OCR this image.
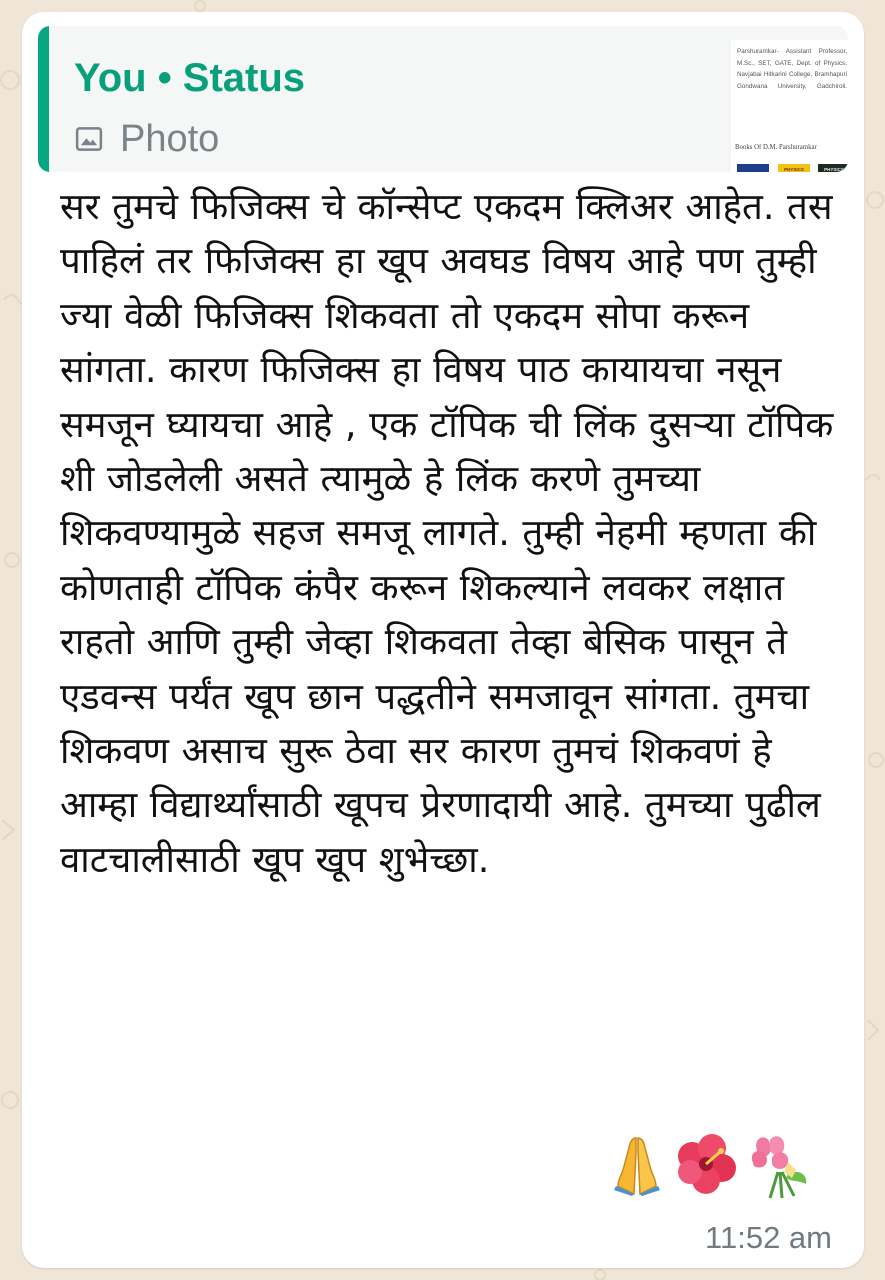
You • Status
Photo
Parshuramkar- Assistant Professor, M.Sc., SET, GATE, Dept. of Physics, Navjabai Hitkarini College, Bramhapuri Gondwana University, Gadchiroli.
Books Of D.M. Parshuramkar
PHYSICS	PHYSICS

सर तुमचे फिजिक्स चे कॉन्सेप्ट एकदम क्लिअर आहेत. तस पाहिलं तर फिजिक्स हा खूप अवघड विषय आहे पण तुम्ही ज्या वेळी फिजिक्स शिकवता तो एकदम सोपा करून सांगता. कारण फिजिक्स हा विषय पाठ कायायचा नसून समजून घ्यायचा आहे , एक टॉपिक ची लिंक दुसऱ्या टॉपिक शी जोडलेली असते त्यामुळे हे लिंक करणे तुमच्या शिकवण्यामुळे सहज समजू लागते. तुम्ही नेहमी म्हणता की कोणताही टॉपिक कंपैर करून शिकल्याने लवकर लक्षात राहतो आणि तुम्ही जेव्हा शिकवता तेव्हा बेसिक पासून ते एडवन्स पर्यंत खूप छान पद्धतीने समजावून सांगता. तुमचा शिकवण असाच सुरू ठेवा सर कारण तुमचं शिकवणं हे आम्हा विद्यार्थ्यांसाठी खूपच प्रेरणादायी आहे. तुमच्या पुढील वाटचालीसाठी खूप खूप शुभेच्छा.

11:52 am
